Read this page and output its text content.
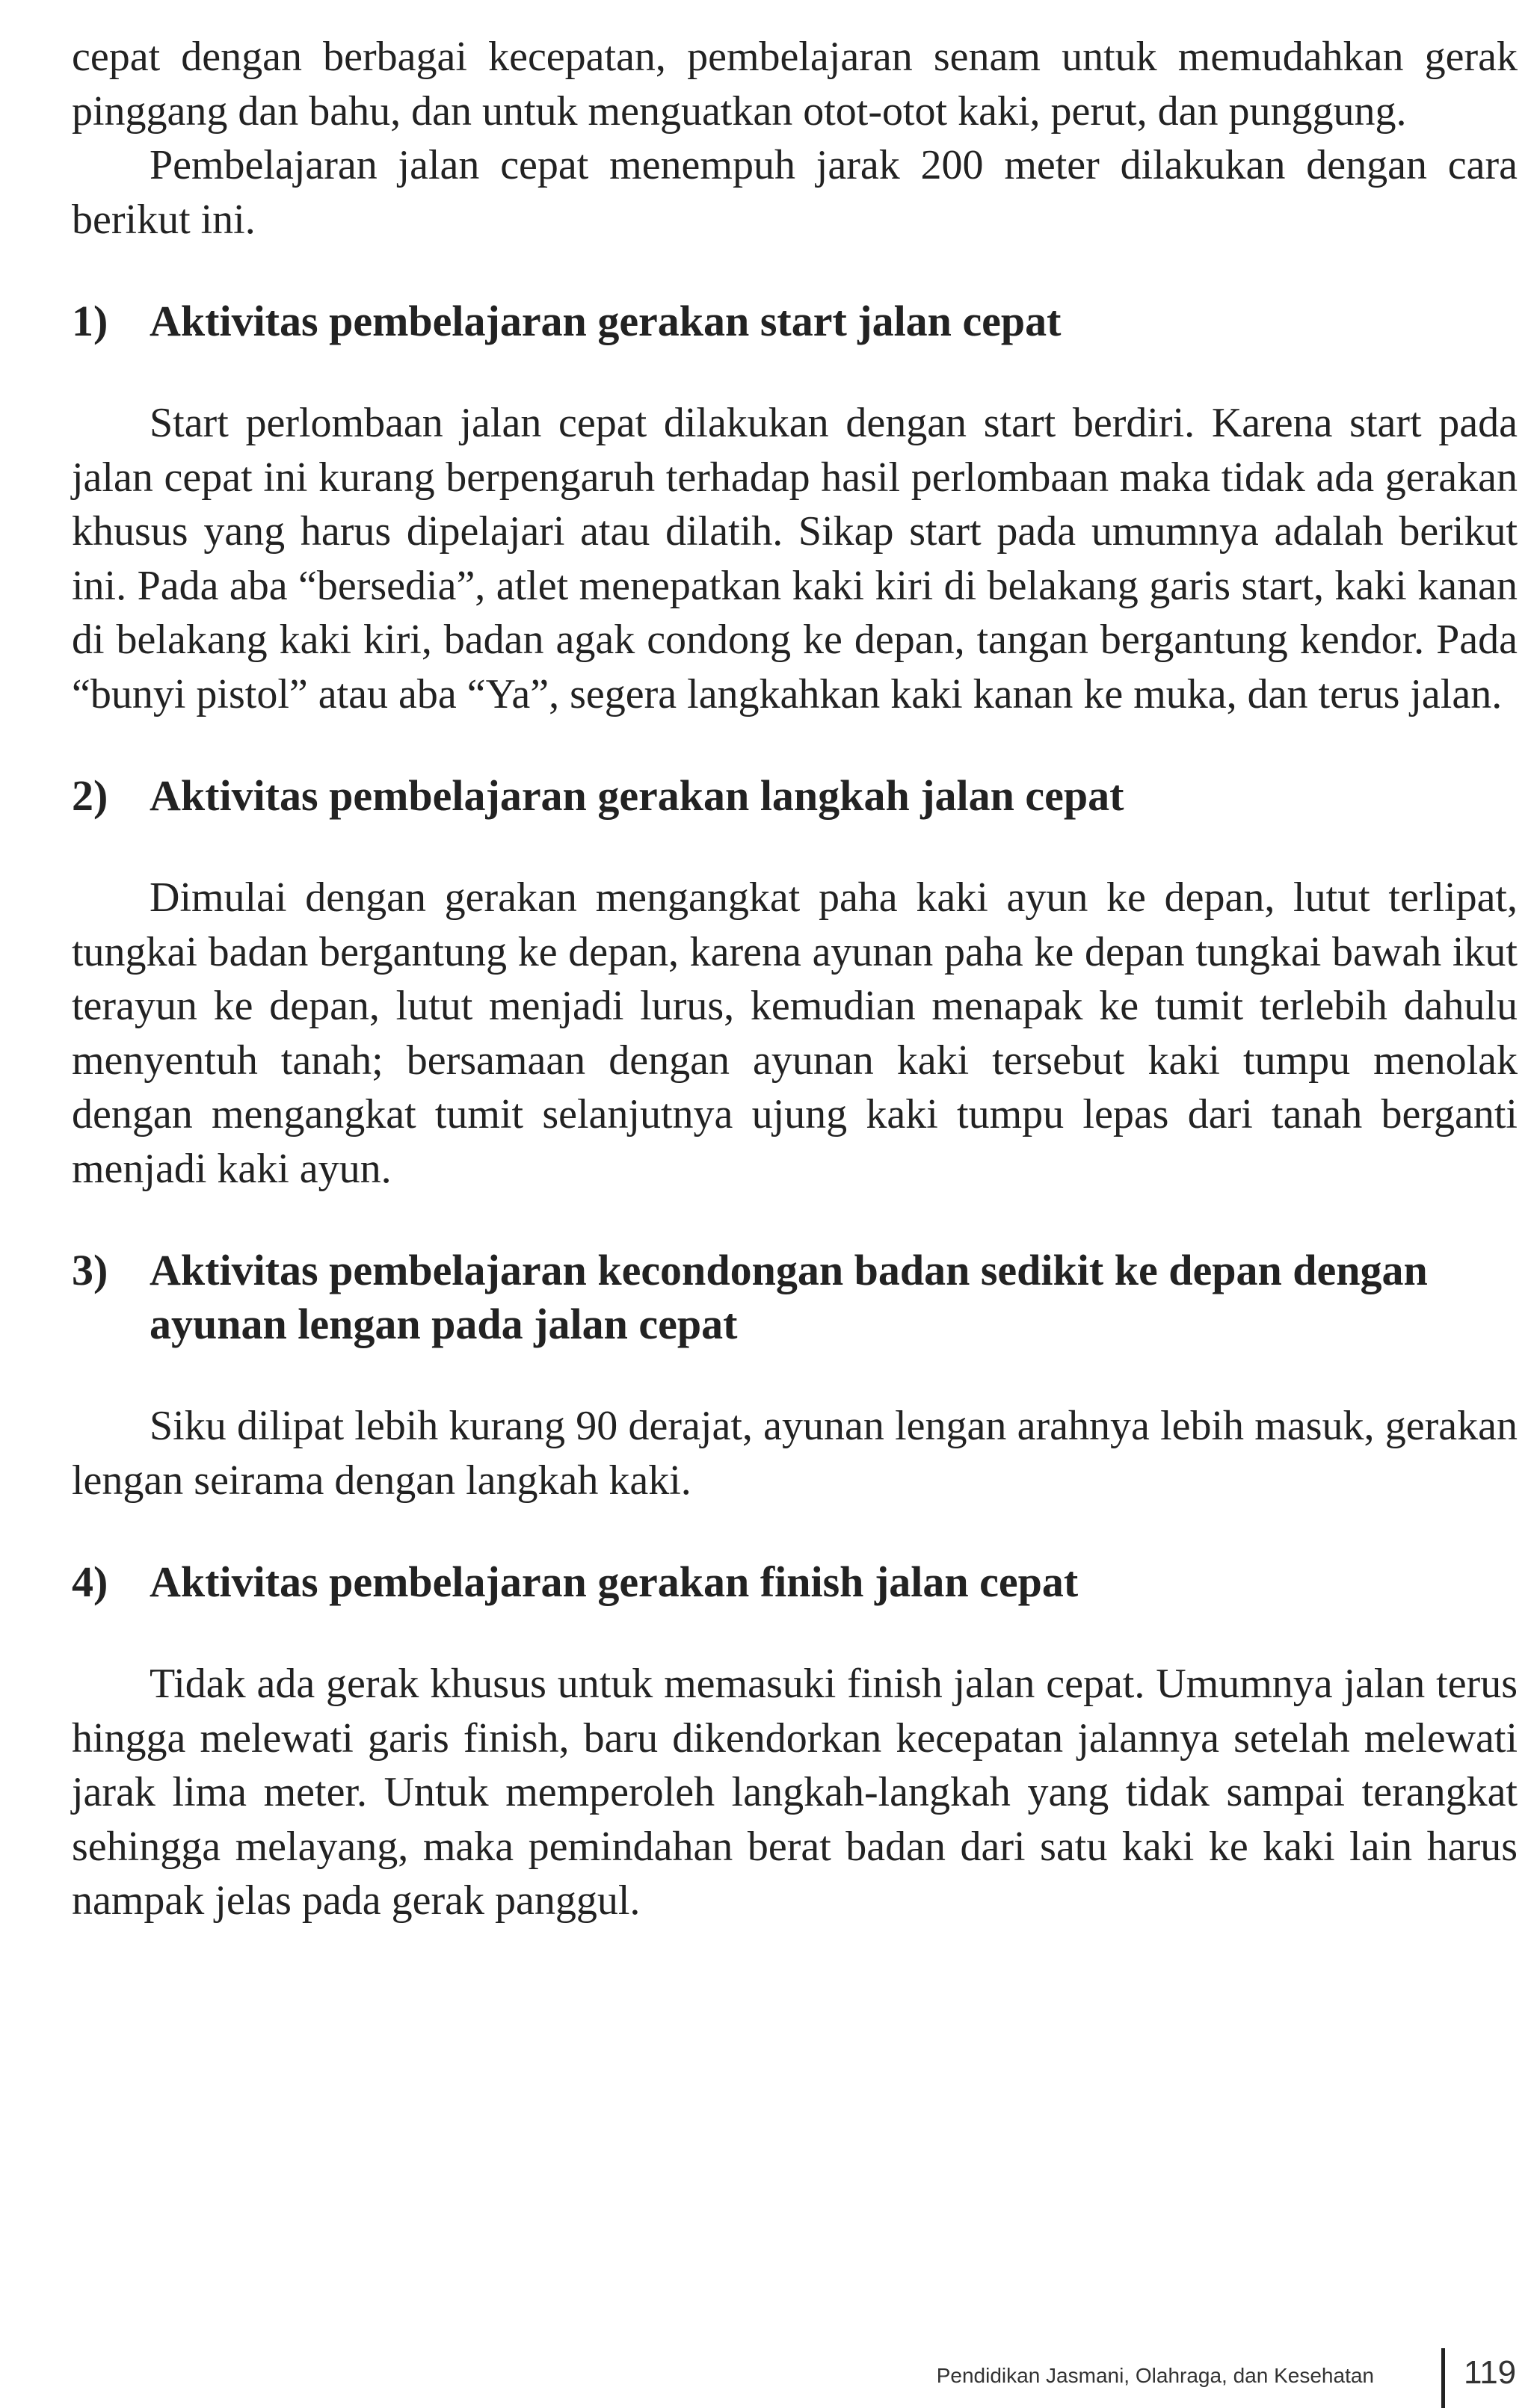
cepat dengan berbagai kecepatan, pembelajaran senam untuk memudahkan gerak pinggang dan bahu, dan untuk menguatkan otot-otot kaki, perut, dan punggung.

Pembelajaran jalan cepat menempuh jarak 200 meter dilakukan dengan cara berikut ini.

1) Aktivitas pembelajaran gerakan start jalan cepat

Start perlombaan jalan cepat dilakukan dengan start berdiri. Karena start pada jalan cepat ini kurang berpengaruh terhadap hasil perlombaan maka tidak ada gerakan khusus yang harus dipelajari atau dilatih. Sikap start pada umumnya adalah berikut ini. Pada aba “bersedia”, atlet menepatkan kaki kiri di belakang garis start, kaki kanan di belakang kaki kiri, badan agak condong ke depan, tangan bergantung kendor. Pada “bunyi pistol” atau aba “Ya”, segera langkahkan kaki kanan ke muka, dan terus jalan.

2) Aktivitas pembelajaran gerakan langkah jalan cepat

Dimulai dengan gerakan mengangkat paha kaki ayun ke depan, lutut terlipat, tungkai badan bergantung ke depan, karena ayunan paha ke depan tungkai bawah ikut terayun ke depan, lutut menjadi lurus, kemudian menapak ke tumit terlebih dahulu menyentuh tanah; bersamaan dengan ayunan kaki tersebut kaki tumpu menolak dengan mengangkat tumit selanjutnya ujung kaki tumpu lepas dari tanah berganti menjadi kaki ayun.

3) Aktivitas pembelajaran kecondongan badan sedikit ke depan dengan ayunan lengan pada jalan cepat

Siku dilipat lebih kurang 90 derajat, ayunan lengan arahnya lebih masuk, gerakan lengan seirama dengan langkah kaki.

4) Aktivitas pembelajaran gerakan finish jalan cepat

Tidak ada gerak khusus untuk memasuki finish jalan cepat. Umumnya jalan terus hingga melewati garis finish, baru dikendorkan kecepatan jalannya setelah melewati jarak lima meter. Untuk memperoleh langkah-langkah yang tidak sampai terangkat sehingga melayang, maka pemindahan berat badan dari satu kaki ke kaki lain harus nampak jelas pada gerak panggul.

Pendidikan Jasmani, Olahraga, dan Kesehatan	119
